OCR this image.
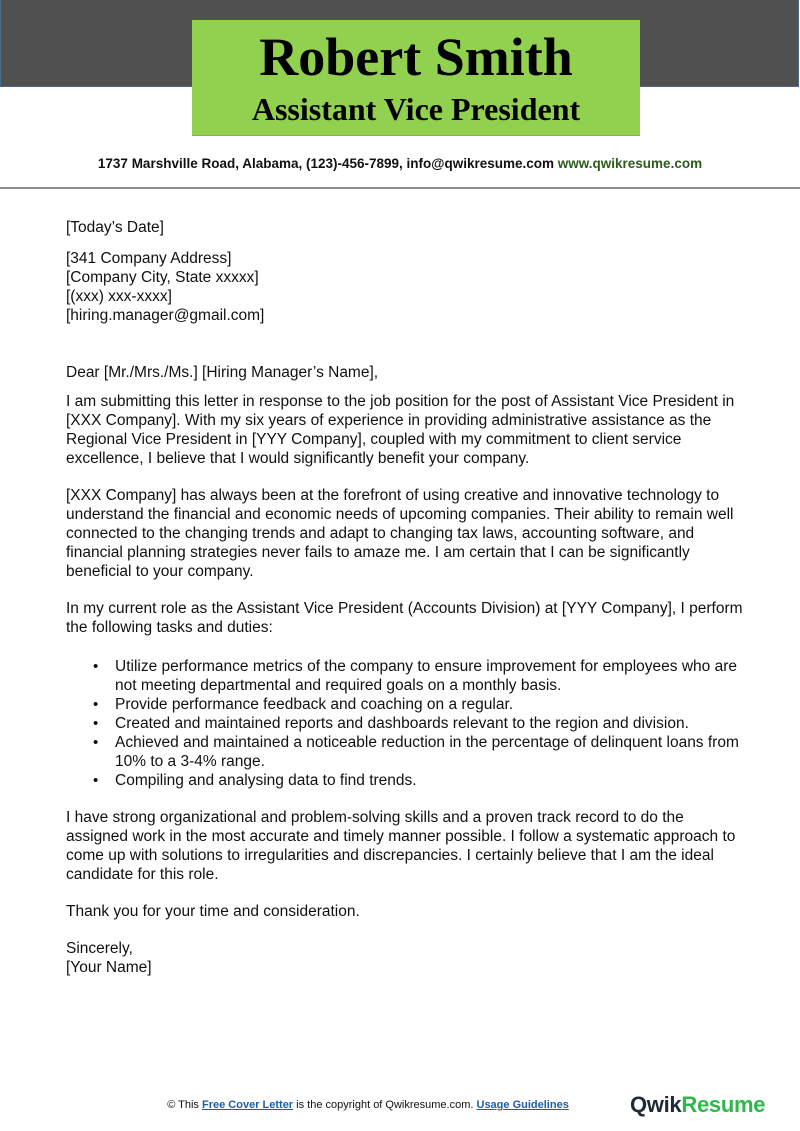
Robert Smith
Assistant Vice President
1737 Marshville Road, Alabama, (123)-456-7899, info@qwikresume.com www.qwikresume.com

[Today’s Date]

[341 Company Address]

[Company City, State xxxxx]

[(xxx) xxx-xxxx]

[hiring.manager@gmail.com]

Dear [Mr./Mrs./Ms.] [Hiring Manager’s Name],

I am submitting this letter in response to the job position for the post of Assistant Vice President in [XXX Company]. With my six years of experience in providing administrative assistance as the Regional Vice President in [YYY Company], coupled with my commitment to client service excellence, I believe that I would significantly benefit your company.

[XXX Company] has always been at the forefront of using creative and innovative technology to understand the financial and economic needs of upcoming companies. Their ability to remain well connected to the changing trends and adapt to changing tax laws, accounting software, and financial planning strategies never fails to amaze me. I am certain that I can be significantly beneficial to your company.

In my current role as the Assistant Vice President (Accounts Division) at [YYY Company], I perform the following tasks and duties:

• Utilize performance metrics of the company to ensure improvement for employees who are not meeting departmental and required goals on a monthly basis.
• Provide performance feedback and coaching on a regular.
• Created and maintained reports and dashboards relevant to the region and division.
• Achieved and maintained a noticeable reduction in the percentage of delinquent loans from 10% to a 3-4% range.
• Compiling and analysing data to find trends.

I have strong organizational and problem-solving skills and a proven track record to do the assigned work in the most accurate and timely manner possible. I follow a systematic approach to come up with solutions to irregularities and discrepancies. I certainly believe that I am the ideal candidate for this role.

Thank you for your time and consideration.

Sincerely,

[Your Name]

© This Free Cover Letter is the copyright of Qwikresume.com. Usage Guidelines	QwikResume
